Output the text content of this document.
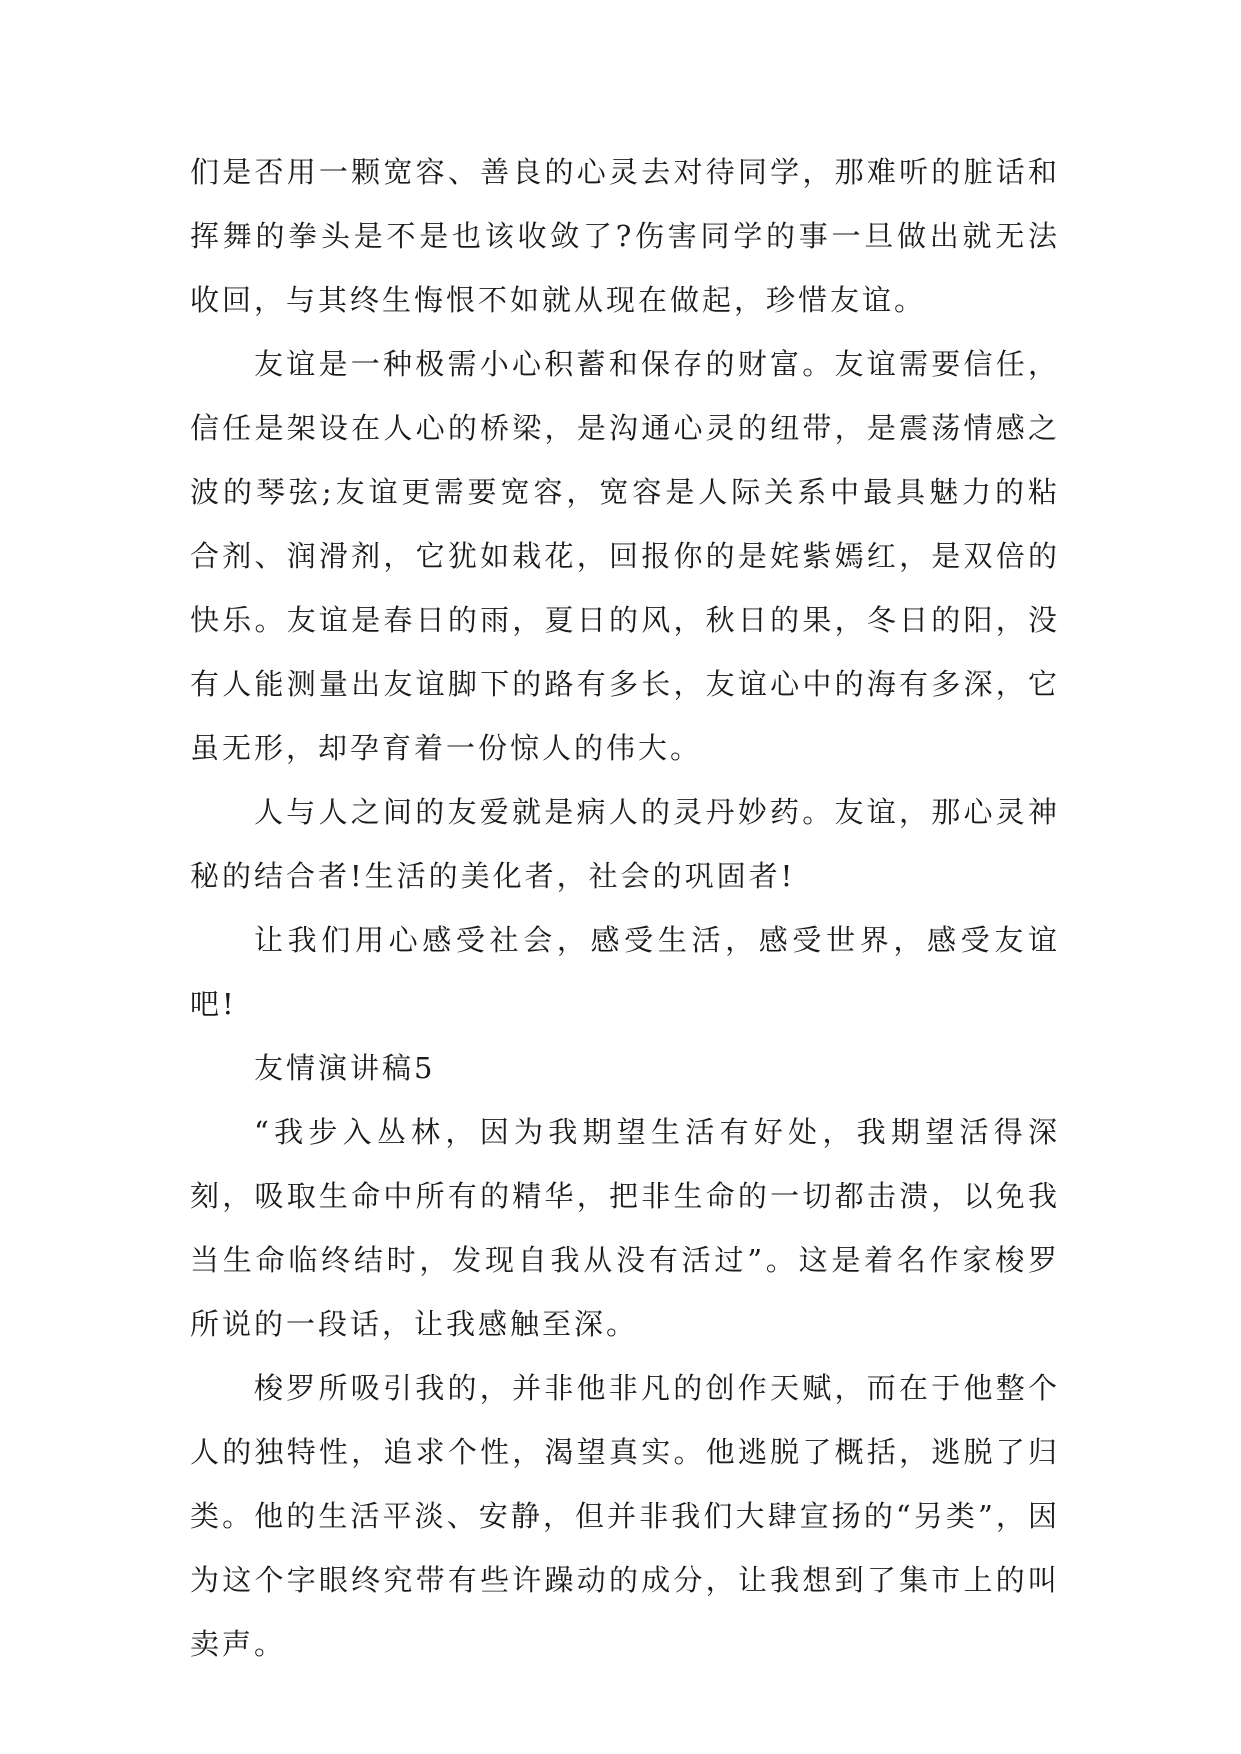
们是否用一颗宽容、善良的心灵去对待同学，那难听的脏话和挥舞的拳头是不是也该收敛了?伤害同学的事一旦做出就无法收回，与其终生悔恨不如就从现在做起，珍惜友谊。

友谊是一种极需小心积蓄和保存的财富。友谊需要信任，信任是架设在人心的桥梁，是沟通心灵的纽带，是震荡情感之波的琴弦;友谊更需要宽容，宽容是人际关系中最具魅力的粘合剂、润滑剂，它犹如栽花，回报你的是姹紫嫣红，是双倍的快乐。友谊是春日的雨，夏日的风，秋日的果，冬日的阳，没有人能测量出友谊脚下的路有多长，友谊心中的海有多深，它虽无形，却孕育着一份惊人的伟大。

人与人之间的友爱就是病人的灵丹妙药。友谊，那心灵神秘的结合者!生活的美化者，社会的巩固者!

让我们用心感受社会，感受生活，感受世界，感受友谊吧!

友情演讲稿5

“我步入丛林，因为我期望生活有好处，我期望活得深刻，吸取生命中所有的精华，把非生命的一切都击溃，以免我当生命临终结时，发现自我从没有活过”。这是着名作家梭罗所说的一段话，让我感触至深。

梭罗所吸引我的，并非他非凡的创作天赋，而在于他整个人的独特性，追求个性，渴望真实。他逃脱了概括，逃脱了归类。他的生活平淡、安静，但并非我们大肆宣扬的“另类”，因为这个字眼终究带有些许躁动的成分，让我想到了集市上的叫卖声。
